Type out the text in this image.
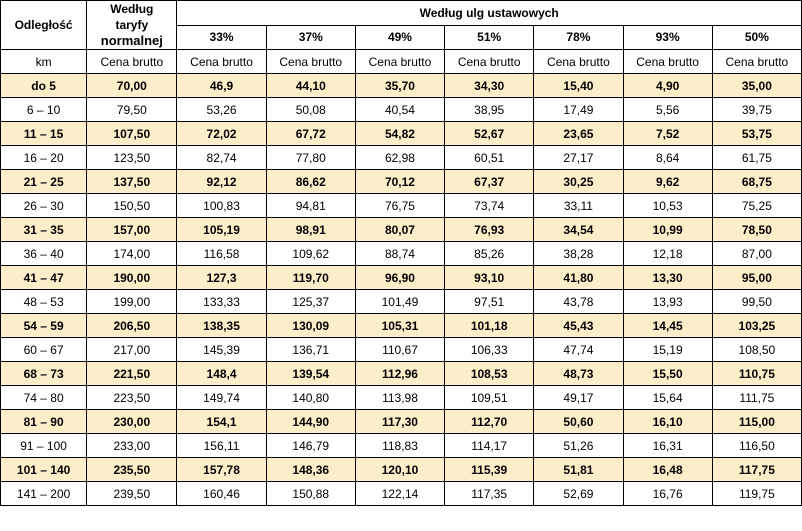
Odległość	Według
taryfy
normalnej	Według ulg ustawowych						
		33%	37%	49%	51%	78%	93%	50%
km	Cena brutto	Cena brutto	Cena brutto	Cena brutto	Cena brutto	Cena brutto	Cena brutto	Cena brutto
do 5	70,00	46,9	44,10	35,70	34,30	15,40	4,90	35,00
6 – 10	79,50	53,26	50,08	40,54	38,95	17,49	5,56	39,75
11 – 15	107,50	72,02	67,72	54,82	52,67	23,65	7,52	53,75
16 – 20	123,50	82,74	77,80	62,98	60,51	27,17	8,64	61,75
21 – 25	137,50	92,12	86,62	70,12	67,37	30,25	9,62	68,75
26 – 30	150,50	100,83	94,81	76,75	73,74	33,11	10,53	75,25
31 – 35	157,00	105,19	98,91	80,07	76,93	34,54	10,99	78,50
36 – 40	174,00	116,58	109,62	88,74	85,26	38,28	12,18	87,00
41 – 47	190,00	127,3	119,70	96,90	93,10	41,80	13,30	95,00
48 – 53	199,00	133,33	125,37	101,49	97,51	43,78	13,93	99,50
54 – 59	206,50	138,35	130,09	105,31	101,18	45,43	14,45	103,25
60 – 67	217,00	145,39	136,71	110,67	106,33	47,74	15,19	108,50
68 – 73	221,50	148,4	139,54	112,96	108,53	48,73	15,50	110,75
74 – 80	223,50	149,74	140,80	113,98	109,51	49,17	15,64	111,75
81 – 90	230,00	154,1	144,90	117,30	112,70	50,60	16,10	115,00
91 – 100	233,00	156,11	146,79	118,83	114,17	51,26	16,31	116,50
101 – 140	235,50	157,78	148,36	120,10	115,39	51,81	16,48	117,75
141 – 200	239,50	160,46	150,88	122,14	117,35	52,69	16,76	119,75
